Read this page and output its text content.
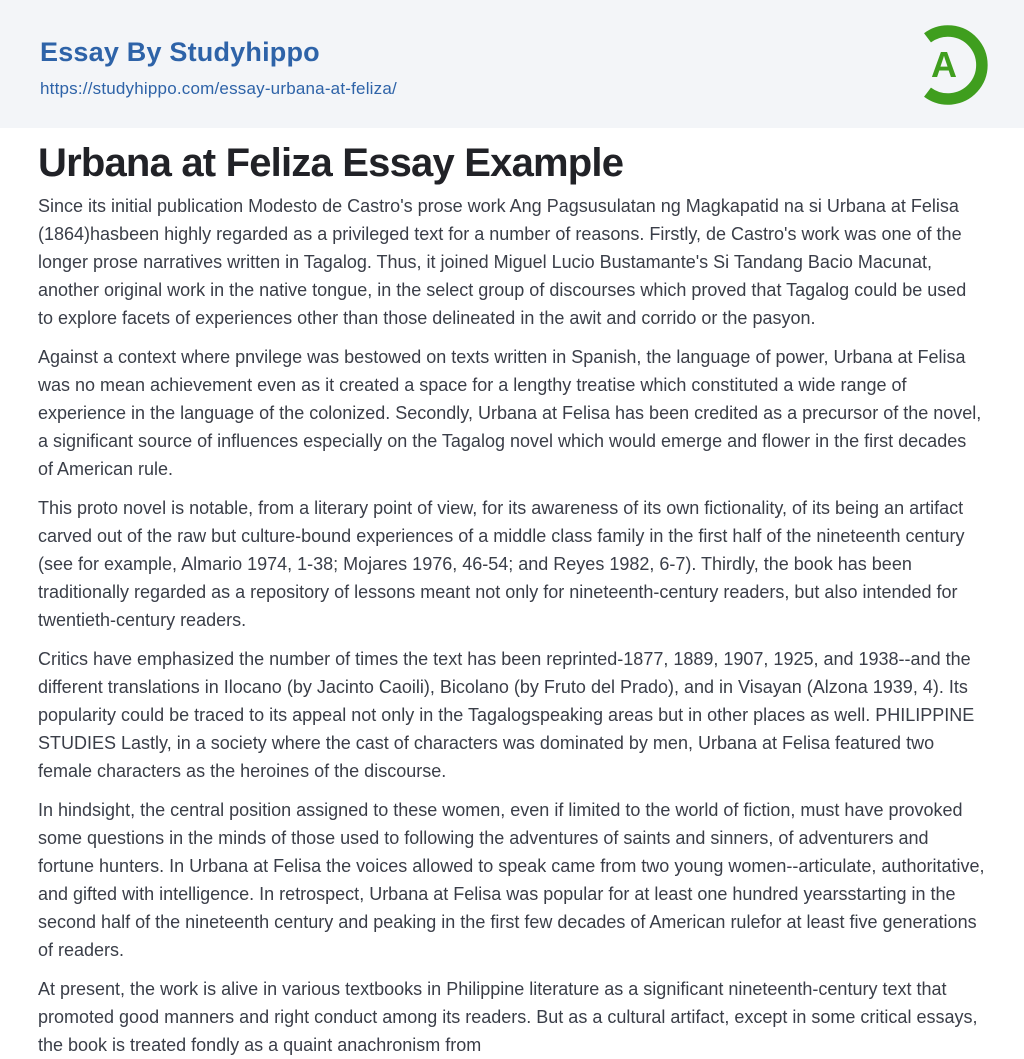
Essay By Studyhippo
https://studyhippo.com/essay-urbana-at-feliza/
A
Urbana at Feliza Essay Example

Since its initial publication Modesto de Castro's prose work Ang Pagsusulatan ng Magkapatid na si Urbana at Felisa (1864)hasbeen highly regarded as a privileged text for a number of reasons. Firstly, de Castro's work was one of the longer prose narratives written in Tagalog. Thus, it joined Miguel Lucio Bustamante's Si Tandang Bacio Macunat, another original work in the native tongue, in the select group of discourses which proved that Tagalog could be used to explore facets of experiences other than those delineated in the awit and corrido or the pasyon.

Against a context where pnvilege was bestowed on texts written in Spanish, the language of power, Urbana at Felisa was no mean achievement even as it created a space for a lengthy treatise which constituted a wide range of experience in the language of the colonized. Secondly, Urbana at Felisa has been credited as a precursor of the novel, a significant source of influences especially on the Tagalog novel which would emerge and flower in the first decades of American rule.

This proto novel is notable, from a literary point of view, for its awareness of its own fictionality, of its being an artifact carved out of the raw but culture-bound experiences of a middle class family in the first half of the nineteenth century (see for example, Almario 1974, 1-38; Mojares 1976, 46-54; and Reyes 1982, 6-7). Thirdly, the book has been traditionally regarded as a repository of lessons meant not only for nineteenth-century readers, but also intended for twentieth-century readers.

Critics have emphasized the number of times the text has been reprinted-1877, 1889, 1907, 1925, and 1938--and the different translations in Ilocano (by Jacinto Caoili), Bicolano (by Fruto del Prado), and in Visayan (Alzona 1939, 4). Its popularity could be traced to its appeal not only in the Tagalogspeaking areas but in other places as well. PHILIPPINE STUDIES Lastly, in a society where the cast of characters was dominated by men, Urbana at Felisa featured two female characters as the heroines of the discourse.

In hindsight, the central position assigned to these women, even if limited to the world of fiction, must have provoked some questions in the minds of those used to following the adventures of saints and sinners, of adventurers and fortune hunters. In Urbana at Felisa the voices allowed to speak came from two young women--articulate, authoritative, and gifted with intelligence. In retrospect, Urbana at Felisa was popular for at least one hundred yearsstarting in the second half of the nineteenth century and peaking in the first few decades of American rulefor at least five generations of readers.

At present, the work is alive in various textbooks in Philippine literature as a significant nineteenth-century text that promoted good manners and right conduct among its readers. But as a cultural artifact, except in some critical essays, the book is treated fondly as a quaint anachronism from
